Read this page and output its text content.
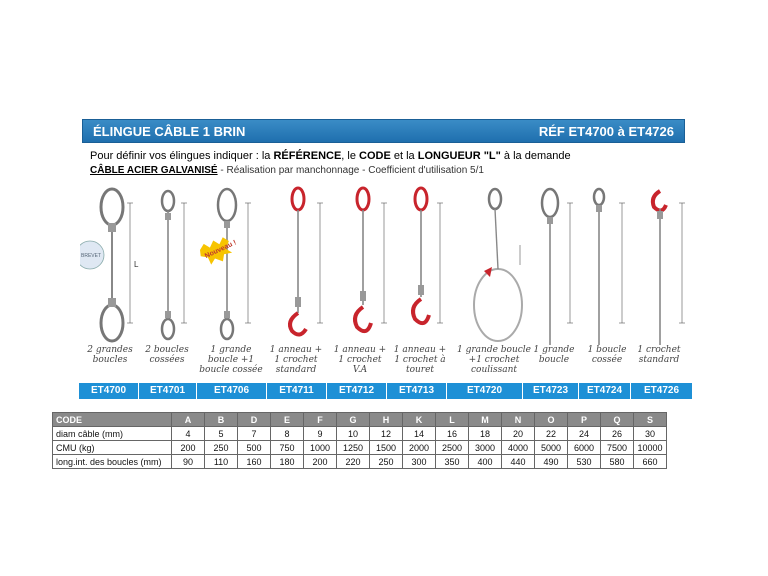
ÉLINGUE CÂBLE 1 BRIN	RÉF ET4700 à ET4726
Pour définir vos élingues indiquer : la RÉFÉRENCE, le CODE et la LONGUEUR "L" à la demande
CÂBLE ACIER GALVANISÉ - Réalisation par manchonnage - Coefficient d'utilisation 5/1
L
BREVET	Nouveau !
2 grandes boucles
2 boucles cossées
1 grande boucle +1 boucle cossée
1 anneau + 1 crochet standard
1 anneau + 1 crochet V.A
1 anneau + 1 crochet à touret
1 grande boucle +1 crochet coulissant
1 grande boucle
1 boucle cossée
1 crochet standard
ET4700	ET4701	ET4706	ET4711	ET4712	ET4713	ET4720	ET4723	ET4724	ET4726
CODE	A	B	D	E	F	G	H	K	L	M	N	O	P	Q	S
diam câble (mm)	4	5	7	8	9	10	12	14	16	18	20	22	24	26	30
CMU (kg)	200	250	500	750	1000	1250	1500	2000	2500	3000	4000	5000	6000	7500	10000
long.int. des boucles (mm)	90	110	160	180	200	220	250	300	350	400	440	490	530	580	660
